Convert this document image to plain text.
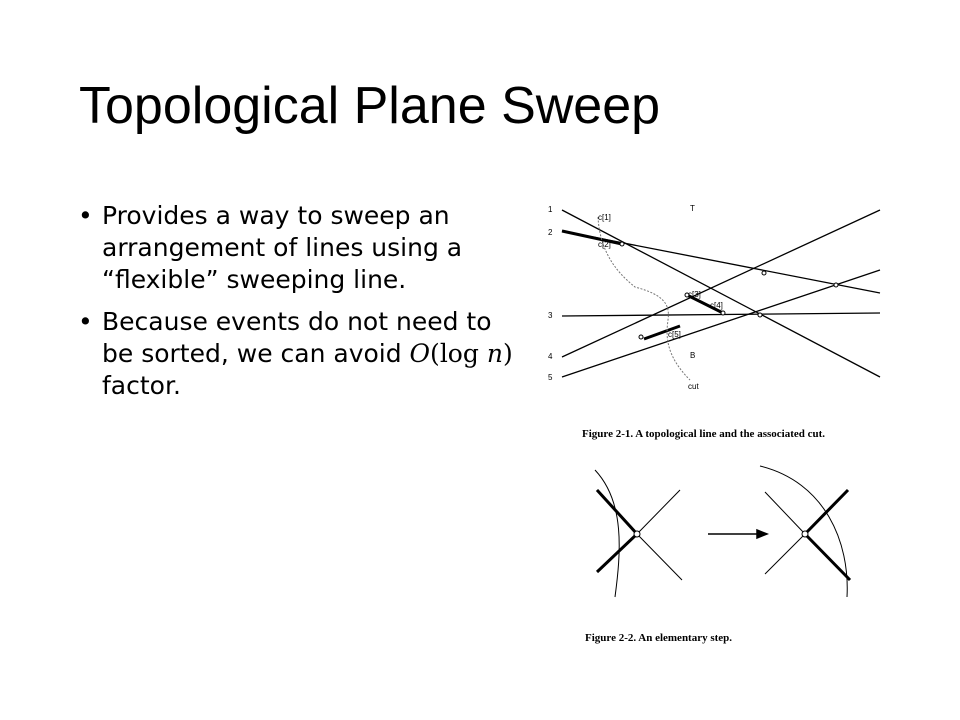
Topological Plane Sweep
• Provides a way to sweep an arrangement of lines using a “flexible” sweeping line.
• Because events do not need to be sorted, we can avoid O(log n) factor.
1
2
3
4
5
c[1]
c[2]
c[3]
c[4]
c[5]
T
B
cut
Figure 2-1. A topological line and the associated cut.
Figure 2-2. An elementary step.
